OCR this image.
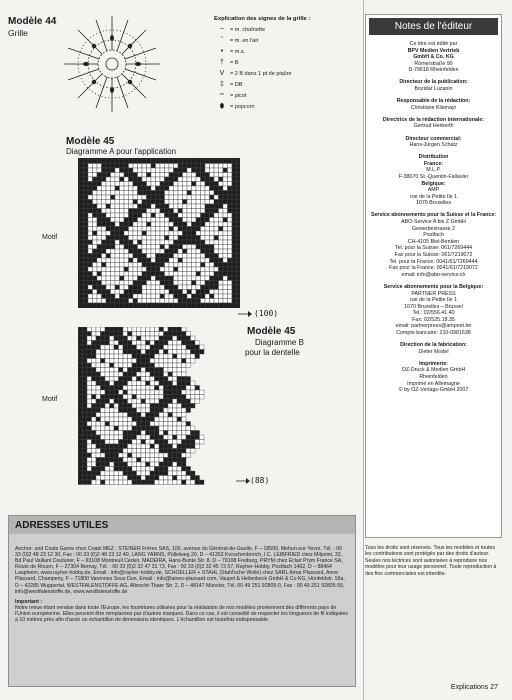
Modèle 44
Grille
Explication des signes de la grille :
~	= m. chaînette
ˇ	= m. en l'air
•	= m.s.
†	= B
V	= 2 B dans 1 pt de piqûre
‡	= DB
ᴖ	= picot
⬮	= popcorn
Modèle 45
Diagramme A pour l'application
Motif
(100)
Modèle 45
Diagramme B
pour la dentelle
Motif
(88)
Notes de l'éditeur
Ce titre est édité par
BPV Medien Vertrieb
GmbH & Co. KG
Römerstraße 90
D-79618 Rheinfelden
Directeur de la publication:
Bozidar Luzanin
Responsable de la rédaction:
Christiane Klismayr
Directrice de la rédaction internationale:
Gertrud Herberth
Directeur commercial:
Hans-Jürgen Schatz
Distribution
France:
M.L.P.
F-38070 St.-Quentin-Fallavier
Belgique:
AMP
rue de la Petite Ile 1
1070 Bruxelles
Service abonnements pour la Suisse et la France:
ABO-Service A bis Z GmbH
Gewerbestrasse 2
Postfach
CH-4105 Biel-Benken
Tel. pour la Suisse: 061/7269444
Fax pour la Suisse: 061/7219072
Tel. pour la France: 0041/61/7269444
Fax pour la France: 0041/61/7219072
email: info@abo-service.ch
Service abonnements pour la Belgique:
PARTNER PRESS
rue de la Petite Ile 1
1070 Bruxelles – Brussel
Tel.: 02/556.41.40
Fax: 02/525.18.35
email: partnerpress@ampnet.be
Compte bancaire: 210-0981638
Direction de la fabrication:
Dieter Model
Imprimerie:
OZ-Druck & Medien GmbH
Rheinfelden
Imprimé en Allemagne
© by OZ-Verlags-GmbH 2007
Tous les droits sont réservés. Tous les modèles et toutes les contributions sont protégés par des droits d'auteur. Seules nos lectrices sont autorisées à reproduire nos modèles pour leur usage personnel. Toute reproduction à des fins commerciales est interdite.
ADRESSES UTILES
Anchor- und Coats Garne chez Coats MEZ : STEINER Frères SAS, 100, avenue du Général-de-Gaulle, F – 18500, Mehun-sur-Yevre, Tél. : 00 33 (0)2 48 23 12 30, Fax : 00 33 (0)2 48 23 12 40, LANG YARNS, Püllelweg 20, D – 41352 Korschenbroich, I.C. LEIBFRIED chez Milpoint, 32, Bd Paul Vaillant Couturier, F – 93108 Montreuil Cedex, MADEIRA, Hans-Bunte Str. 8, D – 79108 Freiburg, PRYM chez Eclair Prym France SA, Route de Rouen, F – 27304 Bernay, Tél. : 00 33 (0)2 32 47 31 73, Fax : 00 33 (0)2 32 45 73 57, Rayher-Hobby, Postfach 1462, D – 88464 Laupheim, www.rayher-hobby.de, Email : info@rayher-hobby.de, SCHOELLER + STAHL (Stahl'sche Wolle) chez SARL Amar Plassard, Anne Plassard, Champeny, F – 71800 Varennes Sous Dun, Email : info@laines-plassard.com, Vaupel & Heilenbeck GmbH & Co KG, Hünfeldstr. 18a, D – 42285 Wuppertal, WESTFALENSTOFFE AG, Albrecht-Thaer Str. 2, D – 48147 Münster, Tél. 00 49 251 92805-0, Fax : 00 49 251 92805-55, info@westfalenstoffe.de, www.westfalenstoffe.de
Important :
Notre revue étant vendue dans toute l'Europe, les fournitures utilisées pour la réalisation de nos modèles proviennent des différents pays de l'Union européenne. Elles peuvent être remplacées par d'autres marques. Dans ce cas, il est conseillé de respecter les longueurs de fil indiquées à 10 mètres près afin d'avoir un échantillon de dimensions identiques. L'échantillon est toutefois indispensable.
Explications 27
